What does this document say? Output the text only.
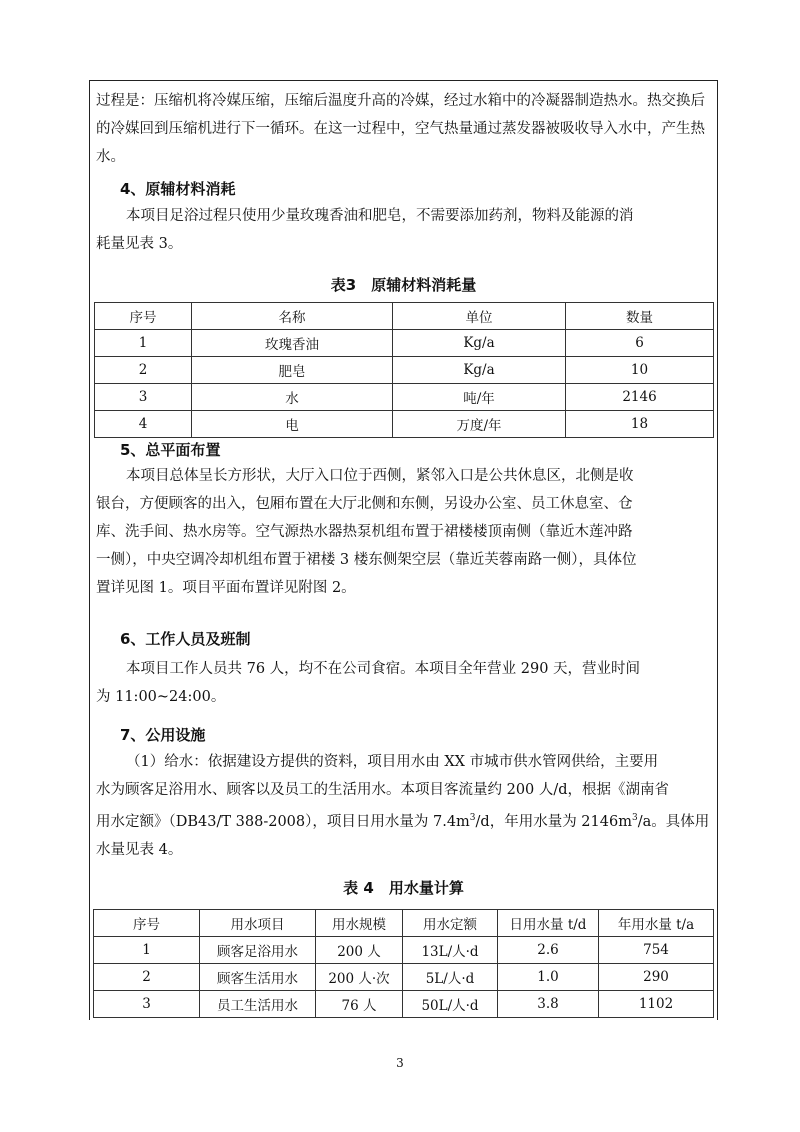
过程是：压缩机将冷媒压缩，压缩后温度升高的冷媒，经过水箱中的冷凝器制造热水。热交换后
的冷媒回到压缩机进行下一循环。在这一过程中，空气热量通过蒸发器被吸收导入水中，产生热
水。
4、原辅材料消耗
本项目足浴过程只使用少量玫瑰香油和肥皂，不需要添加药剂，物料及能源的消
耗量见表 3。
表3　原辅材料消耗量
序号	名称	单位	数量
1	玫瑰香油	Kg/a	6
2	肥皂	Kg/a	10
3	水	吨/年	2146
4	电	万度/年	18
5、总平面布置
本项目总体呈长方形状，大厅入口位于西侧，紧邻入口是公共休息区，北侧是收
银台，方便顾客的出入，包厢布置在大厅北侧和东侧，另设办公室、员工休息室、仓
库、洗手间、热水房等。空气源热水器热泵机组布置于裙楼楼顶南侧（靠近木莲冲路
一侧），中央空调冷却机组布置于裙楼 3 楼东侧架空层（靠近芙蓉南路一侧），具体位
置详见图 1。项目平面布置详见附图 2。
6、工作人员及班制
本项目工作人员共 76 人，均不在公司食宿。本项目全年营业 290 天，营业时间
为 11:00~24:00。
7、公用设施
（1）给水：依据建设方提供的资料，项目用水由 XX 市城市供水管网供给，主要用
水为顾客足浴用水、顾客以及员工的生活用水。本项目客流量约 200 人/d，根据《湖南省
用水定额》（DB43/T 388-2008），项目日用水量为 $7.4m^3/d$，年用水量为 $2146m^3/a$。具体用
水量见表 4。
表 4　用水量计算
序号	用水项目	用水规模	用水定额	日用水量 t/d	年用水量 t/a
1	顾客足浴用水	200 人	13L/人·d	2.6	754
2	顾客生活用水	200 人·次	5L/人·d	1.0	290
3	员工生活用水	76 人	50L/人·d	3.8	1102
3
